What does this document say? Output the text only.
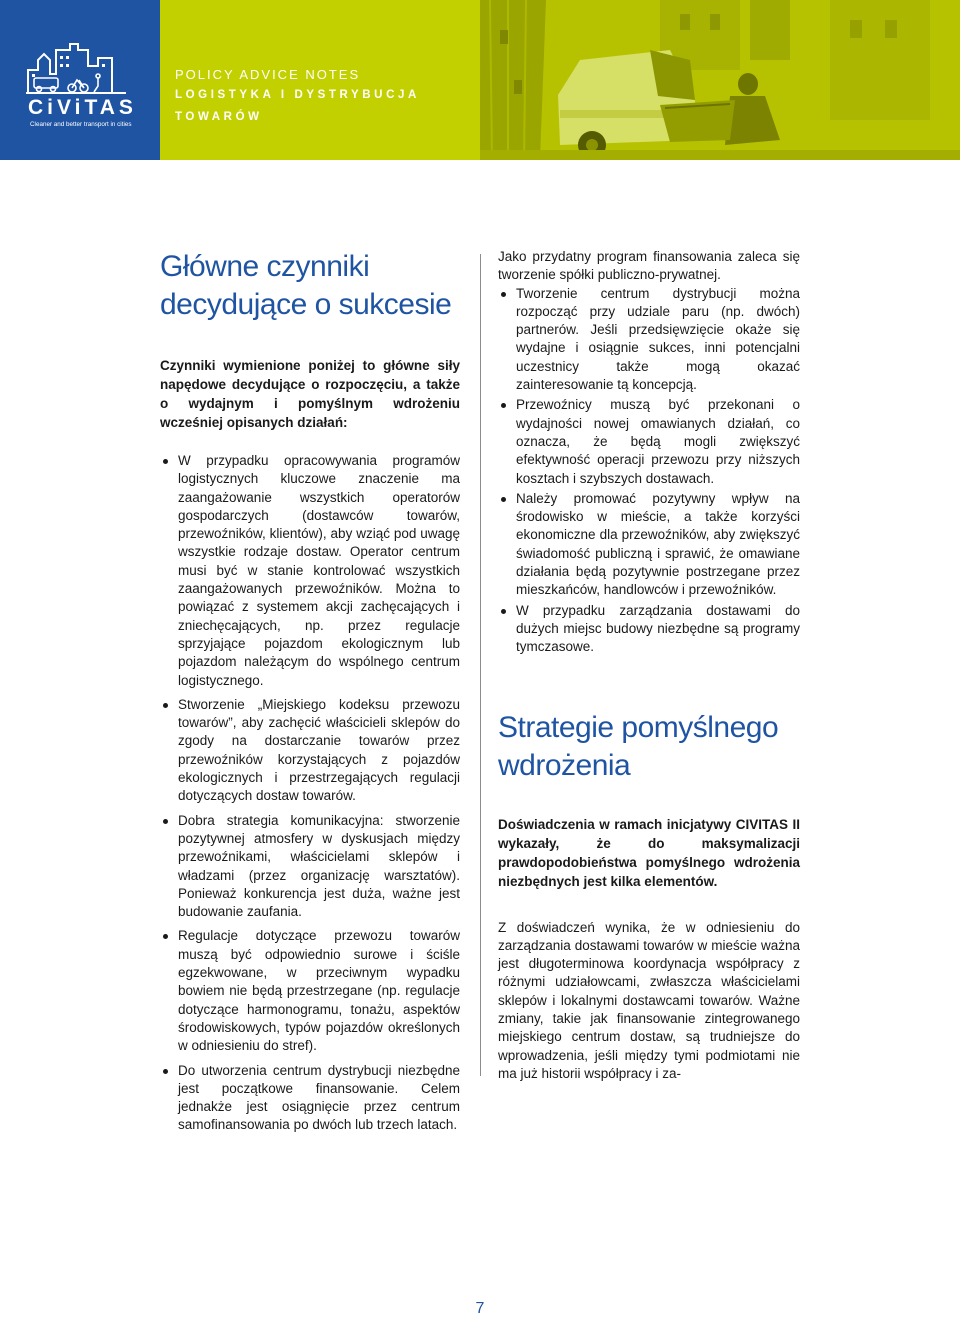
CiViTAS
Cleaner and better transport in cities
POLICY ADVICE NOTES
LOGISTYKA I DYSTRYBUCJA
TOWARÓW
Główne czynniki
decydujące o sukcesie

Czynniki wymienione poniżej to główne siły napędowe decydujące o rozpoczęciu, a także o wydajnym i pomyślnym wdrożeniu wcześniej opisanych działań:

W przypadku opracowywania programów logistycznych kluczowe znaczenie ma zaangażowanie wszystkich operatorów gospodarczych (dostawców towarów, przewoźników, klientów), aby wziąć pod uwagę wszystkie rodzaje dostaw. Operator centrum musi być w stanie kontrolować wszystkich zaangażowanych przewoźników. Można to powiązać z systemem akcji zachęcających i zniechęcających, np. przez regulacje sprzyjające pojazdom ekologicznym lub pojazdom należącym do wspólnego centrum logistycznego.
Stworzenie „Miejskiego kodeksu przewozu towarów”, aby zachęcić właścicieli sklepów do zgody na dostarczanie towarów przez przewoźników korzystających z pojazdów ekologicznych i przestrzegających regulacji dotyczących dostaw towarów.
Dobra strategia komunikacyjna: stworzenie pozytywnej atmosfery w dyskusjach między przewoźnikami, właścicielami sklepów i władzami (przez organizację warsztatów). Ponieważ konkurencja jest duża, ważne jest budowanie zaufania.
Regulacje dotyczące przewozu towarów muszą być odpowiednio surowe i ściśle egzekwowane, w przeciwnym wypadku bowiem nie będą przestrzegane (np. regulacje dotyczące harmonogramu, tonażu, aspektów środowiskowych, typów pojazdów określonych w odniesieniu do stref).
Do utworzenia centrum dystrybucji niezbędne jest początkowe finansowanie. Celem jednakże jest osiągnięcie przez centrum samofinansowania po dwóch lub trzech latach.

Jako przydatny program finansowania zaleca się tworzenie spółki publiczno-prywatnej.

Tworzenie centrum dystrybucji można rozpocząć przy udziale paru (np. dwóch) partnerów. Jeśli przedsięwzięcie okaże się wydajne i osiągnie sukces, inni potencjalni uczestnicy także mogą okazać zainteresowanie tą koncepcją.
Przewoźnicy muszą być przekonani o wydajności nowej omawianych działań, co oznacza, że będą mogli zwiększyć efektywność operacji przewozu przy niższych kosztach i szybszych dostawach.
Należy promować pozytywny wpływ na środowisko w mieście, a także korzyści ekonomiczne dla przewoźników, aby zwiększyć świadomość publiczną i sprawić, że omawiane działania będą pozytywnie postrzegane przez mieszkańców, handlowców i przewoźników.
W przypadku zarządzania dostawami do dużych miejsc budowy niezbędne są programy tymczasowe.
Strategie pomyślnego
wdrożenia

Doświadczenia w ramach inicjatywy CIVITAS II wykazały, że do maksymalizacji prawdopodobieństwa pomyślnego wdrożenia niezbędnych jest kilka elementów.

Z doświadczeń wynika, że w odniesieniu do zarządzania dostawami towarów w mieście ważna jest długoterminowa koordynacja współpracy z różnymi udziałowcami, zwłaszcza właścicielami sklepów i lokalnymi dostawcami towarów. Ważne zmiany, takie jak finansowanie zintegrowanego miejskiego centrum dostaw, są trudniejsze do wprowadzenia, jeśli między tymi podmiotami nie ma już historii współpracy i za-

7
